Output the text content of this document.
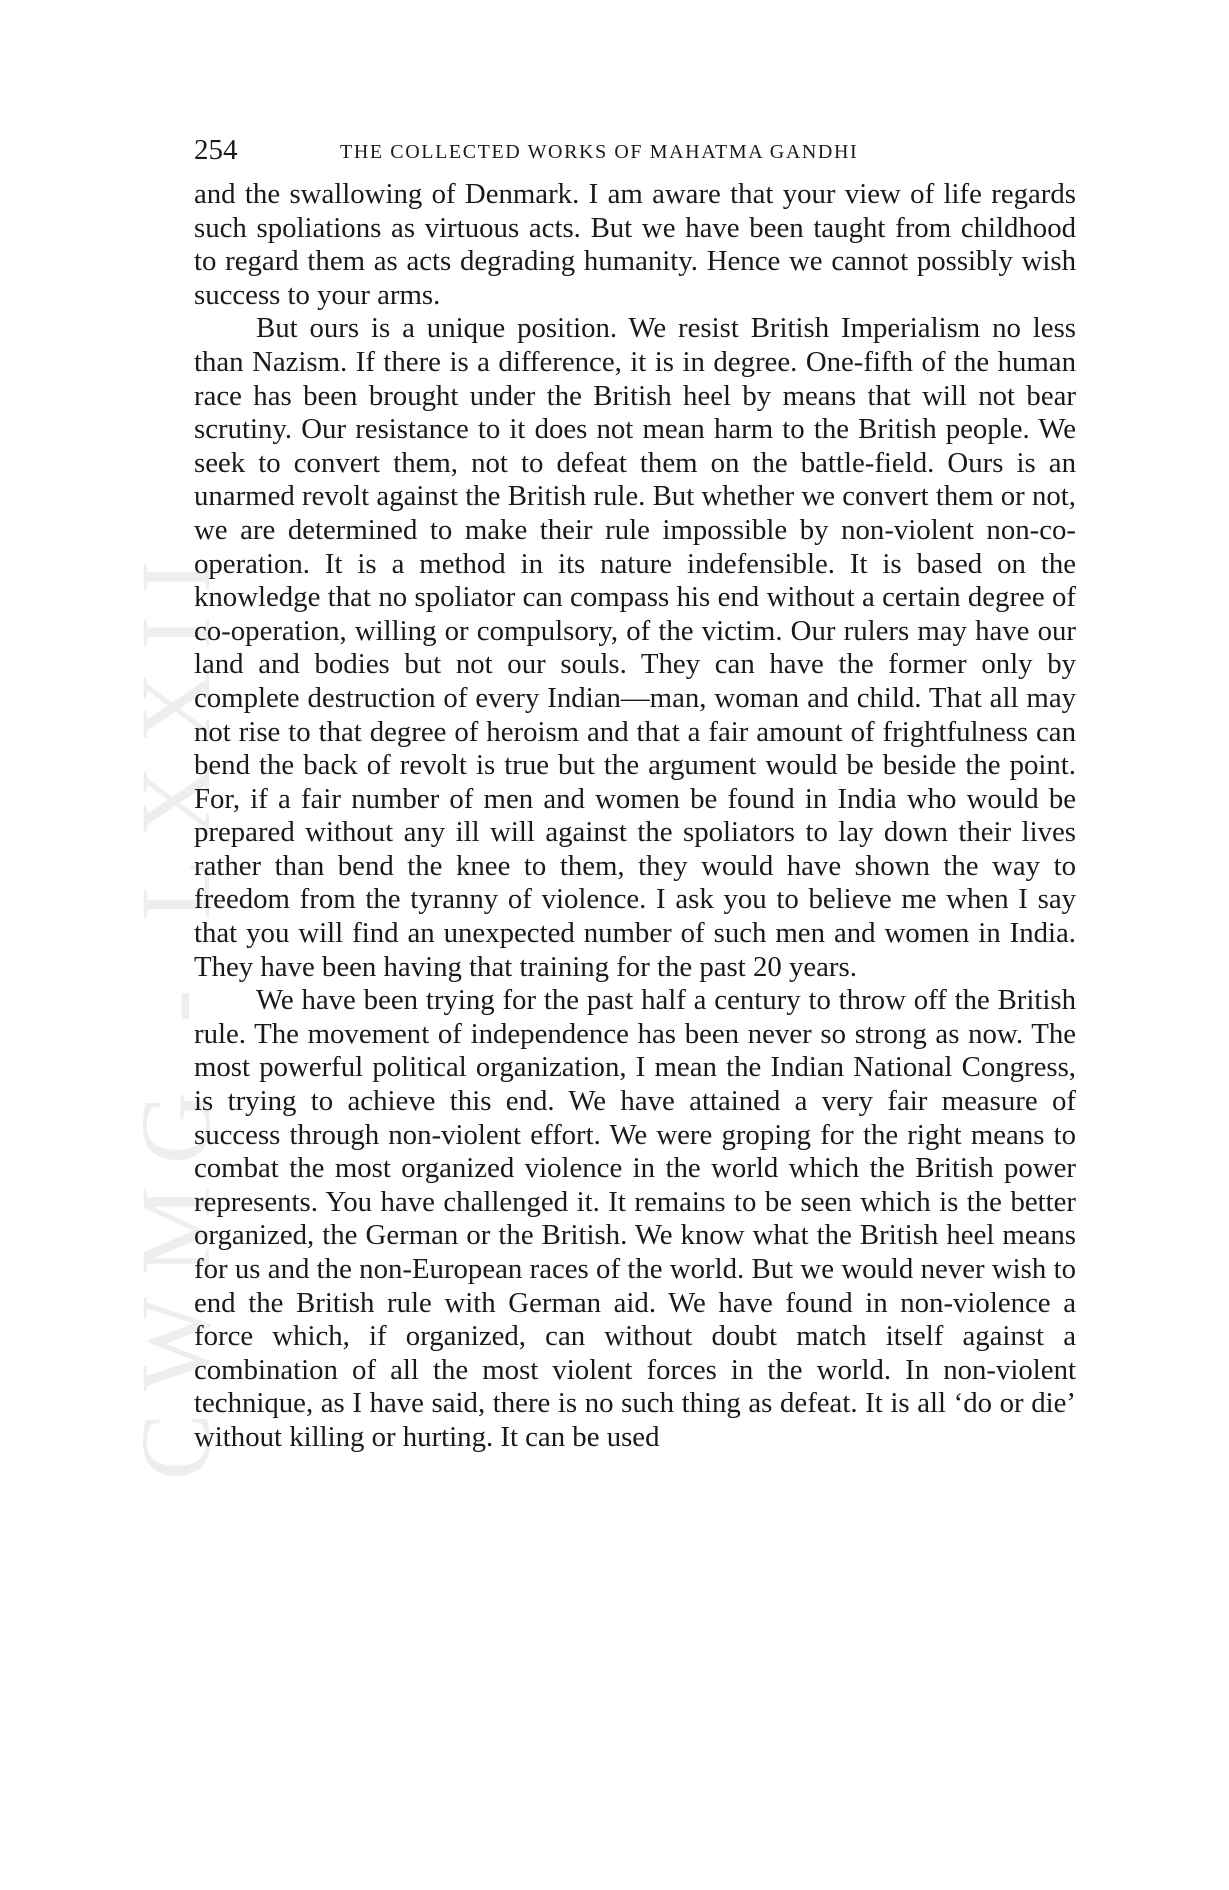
CWMG - LXXII
254	THE COLLECTED WORKS OF MAHATMA GANDHI

and the swallowing of Denmark. I am aware that your view of life regards such spoliations as virtuous acts. But we have been taught from childhood to regard them as acts degrading humanity. Hence we cannot possibly wish success to your arms.

But ours is a unique position. We resist British Imperialism no less than Nazism. If there is a difference, it is in degree. One-fifth of the human race has been brought under the British heel by means that will not bear scrutiny. Our resistance to it does not mean harm to the British people. We seek to convert them, not to defeat them on the battle-field. Ours is an unarmed revolt against the British rule. But whether we convert them or not, we are determined to make their rule impossible by non-violent non-co-operation. It is a method in its nature indefensible. It is based on the knowledge that no spoliator can compass his end without a certain degree of co-operation, willing or compulsory, of the victim. Our rulers may have our land and bodies but not our souls. They can have the former only by complete destruction of every Indian—man, woman and child. That all may not rise to that degree of heroism and that a fair amount of frightfulness can bend the back of revolt is true but the argument would be beside the point. For, if a fair number of men and women be found in India who would be prepared without any ill will against the spoliators to lay down their lives rather than bend the knee to them, they would have shown the way to freedom from the tyranny of violence. I ask you to believe me when I say that you will find an unexpected number of such men and women in India. They have been having that training for the past 20 years.

We have been trying for the past half a century to throw off the British rule. The movement of independence has been never so strong as now. The most powerful political organization, I mean the Indian National Congress, is trying to achieve this end. We have attained a very fair measure of success through non-violent effort. We were groping for the right means to combat the most organized violence in the world which the British power represents. You have challenged it. It remains to be seen which is the better organized, the German or the British. We know what the British heel means for us and the non-European races of the world. But we would never wish to end the British rule with German aid. We have found in non-violence a force which, if organized, can without doubt match itself against a combination of all the most violent forces in the world. In non-violent technique, as I have said, there is no such thing as defeat. It is all ‘do or die’ without killing or hurting. It can be used
